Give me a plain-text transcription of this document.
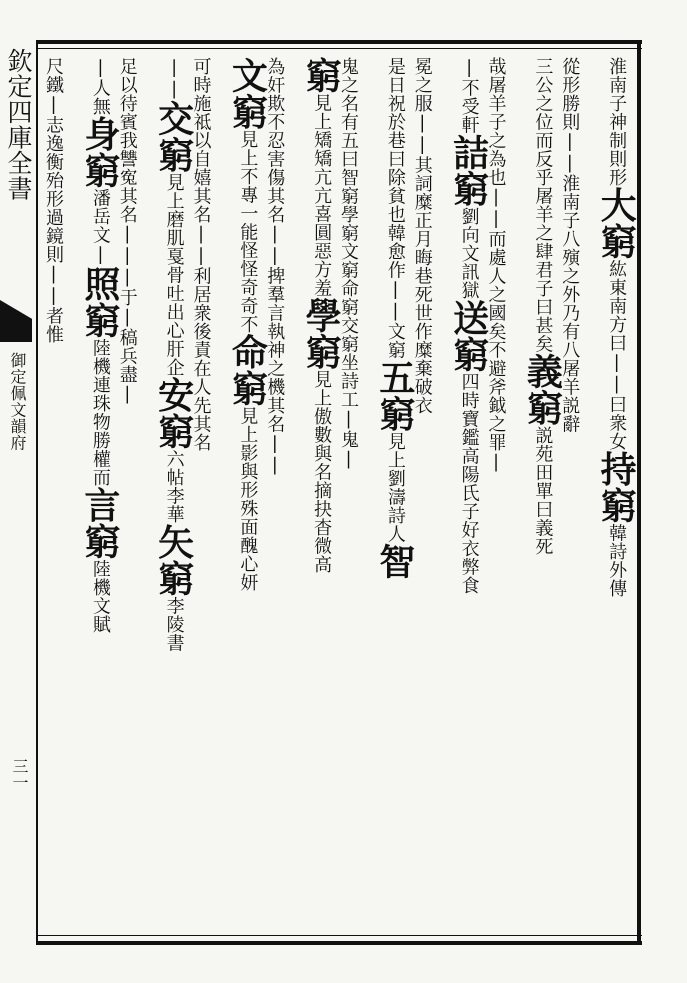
欽定四庫全書
御定佩文韻府
三一
淮南子神制則形大窮紘東南方曰||曰衆女持窮韓詩外傳
從形勝則||淮南子八殥之外乃有八屠羊説辭
三公之位而反乎屠羊之肆君子曰甚矣義窮説苑田單曰義死
哉屠羊子之為也||而處人之國矣不避斧鉞之罪|
|不受軒詰窮劉向文訊獄送窮四時寶鑑高陽氏子好衣弊食
冕之服||其詞糜正月晦巷死世作糜棄破衣
是日祝於巷曰除貧也韓愈作||文窮五窮見上劉濤詩人智
鬼之名有五曰智窮學窮文窮命窮交窮坐詩工|鬼|
窮見上矯矯亢亢喜圓惡方羞學窮見上傲數與名摘抉杳微高
為奸欺不忍害傷其名||捭羣言執神之機其名||
文窮見上不專一能怪怪奇奇不命窮見上影與形殊面醜心妍
可時施祗以自嬉其名||利居衆後責在人先其名
||交窮見上磨肌戛骨吐出心肝企安窮六帖李華矢窮李陵書
足以待賓我讐寃其名|||于|稿兵盡|
|人無身窮潘岳文|照窮陸機連珠物勝權而言窮陸機文賦
尺鐵|志逸衡殆形過鏡則||者惟
